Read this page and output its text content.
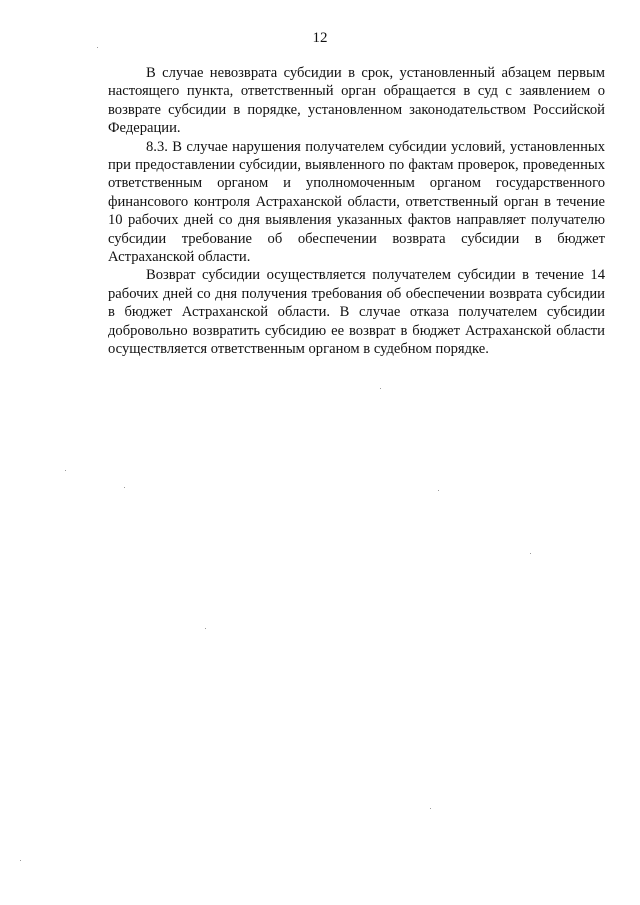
12

В случае невозврата субсидии в срок, установленный абзацем первым настоящего пункта, ответственный орган обращается в суд с заявлением о возврате субсидии в порядке, установленном законодательством Российской Федерации.

8.3. В случае нарушения получателем субсидии условий, установленных при предоставлении субсидии, выявленного по фактам проверок, проведенных ответственным органом и уполномоченным органом государственного финансового контроля Астраханской области, ответственный орган в течение 10 рабочих дней со дня выявления указанных фактов направляет получателю субсидии требование об обеспечении возврата субсидии в бюджет Астраханской области.

Возврат субсидии осуществляется получателем субсидии в течение 14 рабочих дней со дня получения требования об обеспечении возврата субсидии в бюджет Астраханской области. В случае отказа получателем субсидии добровольно возвратить субсидию ее возврат в бюджет Астраханской области осуществляется ответственным органом в судебном порядке.
